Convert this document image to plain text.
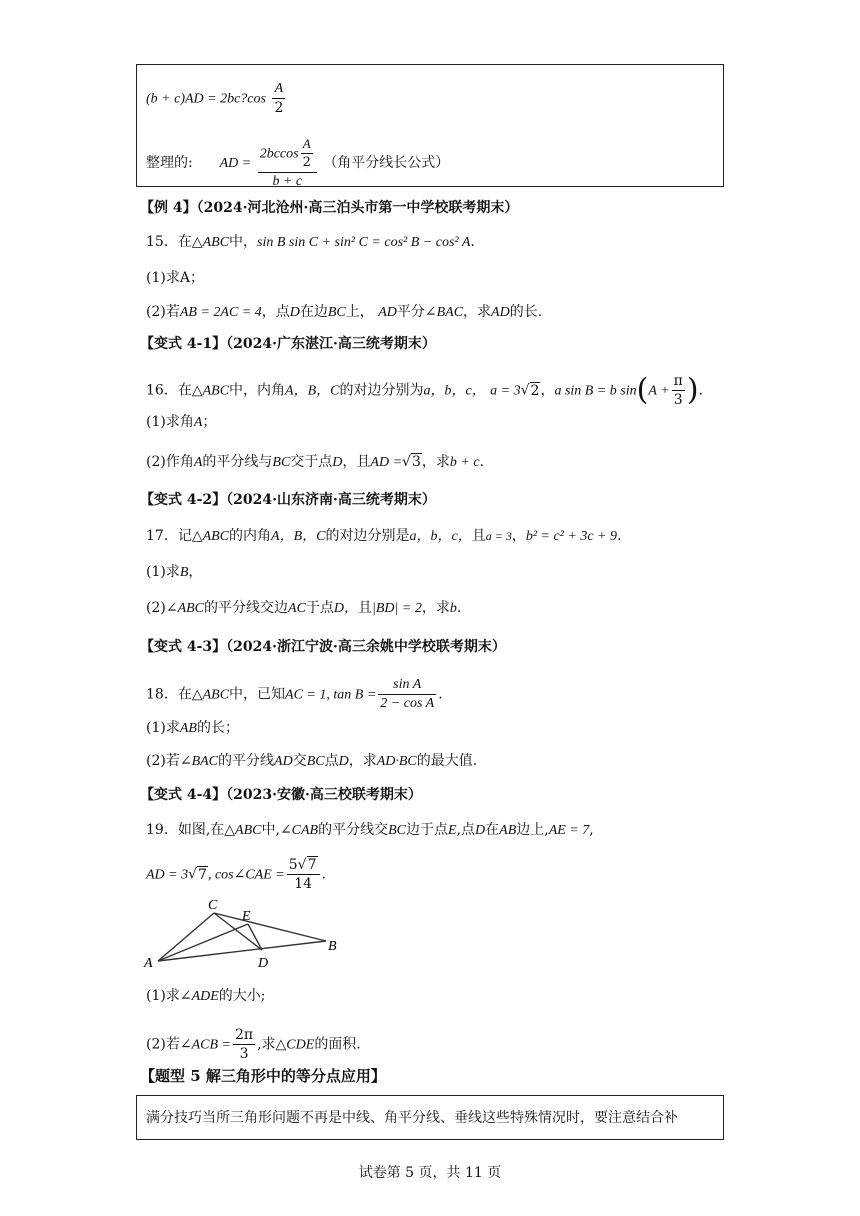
(b + c)AD = 2bc?cos $\frac{A}{2}$
整理的: AD = $\frac{2bccos \frac{A}{2}}{b + c}$ （角平分线长公式）
【例 4】（2024·河北沧州·高三泊头市第一中学校联考期末）
15．在△ABC中，sin B sin C + sin² C = cos² B − cos² A.
(1)求A；
(2)若AB = 2AC = 4，点D在边BC上， AD平分∠BAC，求AD的长.
【变式 4-1】（2024·广东湛江·高三统考期末）
16．在△ABC中，内角A，B，C的对边分别为a，b，c， a = 3√2，a sin B = b $\sin(A + \frac{\pi}{3}$ ).
(1)求角A；
(2)作角A的平分线与BC交于点D，且AD =√3，求b + c.
【变式 4-2】（2024·山东济南·高三统考期末）
17．记△ABC的内角A，B，C的对边分别是a，b，c，且a = 3，b² = c² + 3c + 9.
(1)求B，
(2)∠ABC的平分线交边AC于点D，且|BD| = 2，求b.
【变式 4-3】（2024·浙江宁波·高三余姚中学校联考期末）
18．在△ABC中，已知AC = 1, $\tan B = \frac{\text{sin A}}{\text{2 − cos A}}$ .
(1)求AB的长；
(2)若∠BAC的平分线AD交BC点D，求AD·BC的最大值.
【变式 4-4】（2023·安徽·高三校联考期末）
19．如图,在△ABC中,∠CAB的平分线交BC边于点E,点D在AB边上,AE = 7,
AD = 3√7, cos∠CAE = $\frac{5√7}{14}$ .
C
E
A	D
B
(1)求∠ADE的大小;
(2)若∠ACB = $\frac{2\pi}{3}$ ,求△CDE的面积.
【题型 5 解三角形中的等分点应用】
满分技巧当所三角形问题不再是中线、角平分线、垂线这些特殊情况时，要注意结合补
试卷第 5 页，共 11 页
